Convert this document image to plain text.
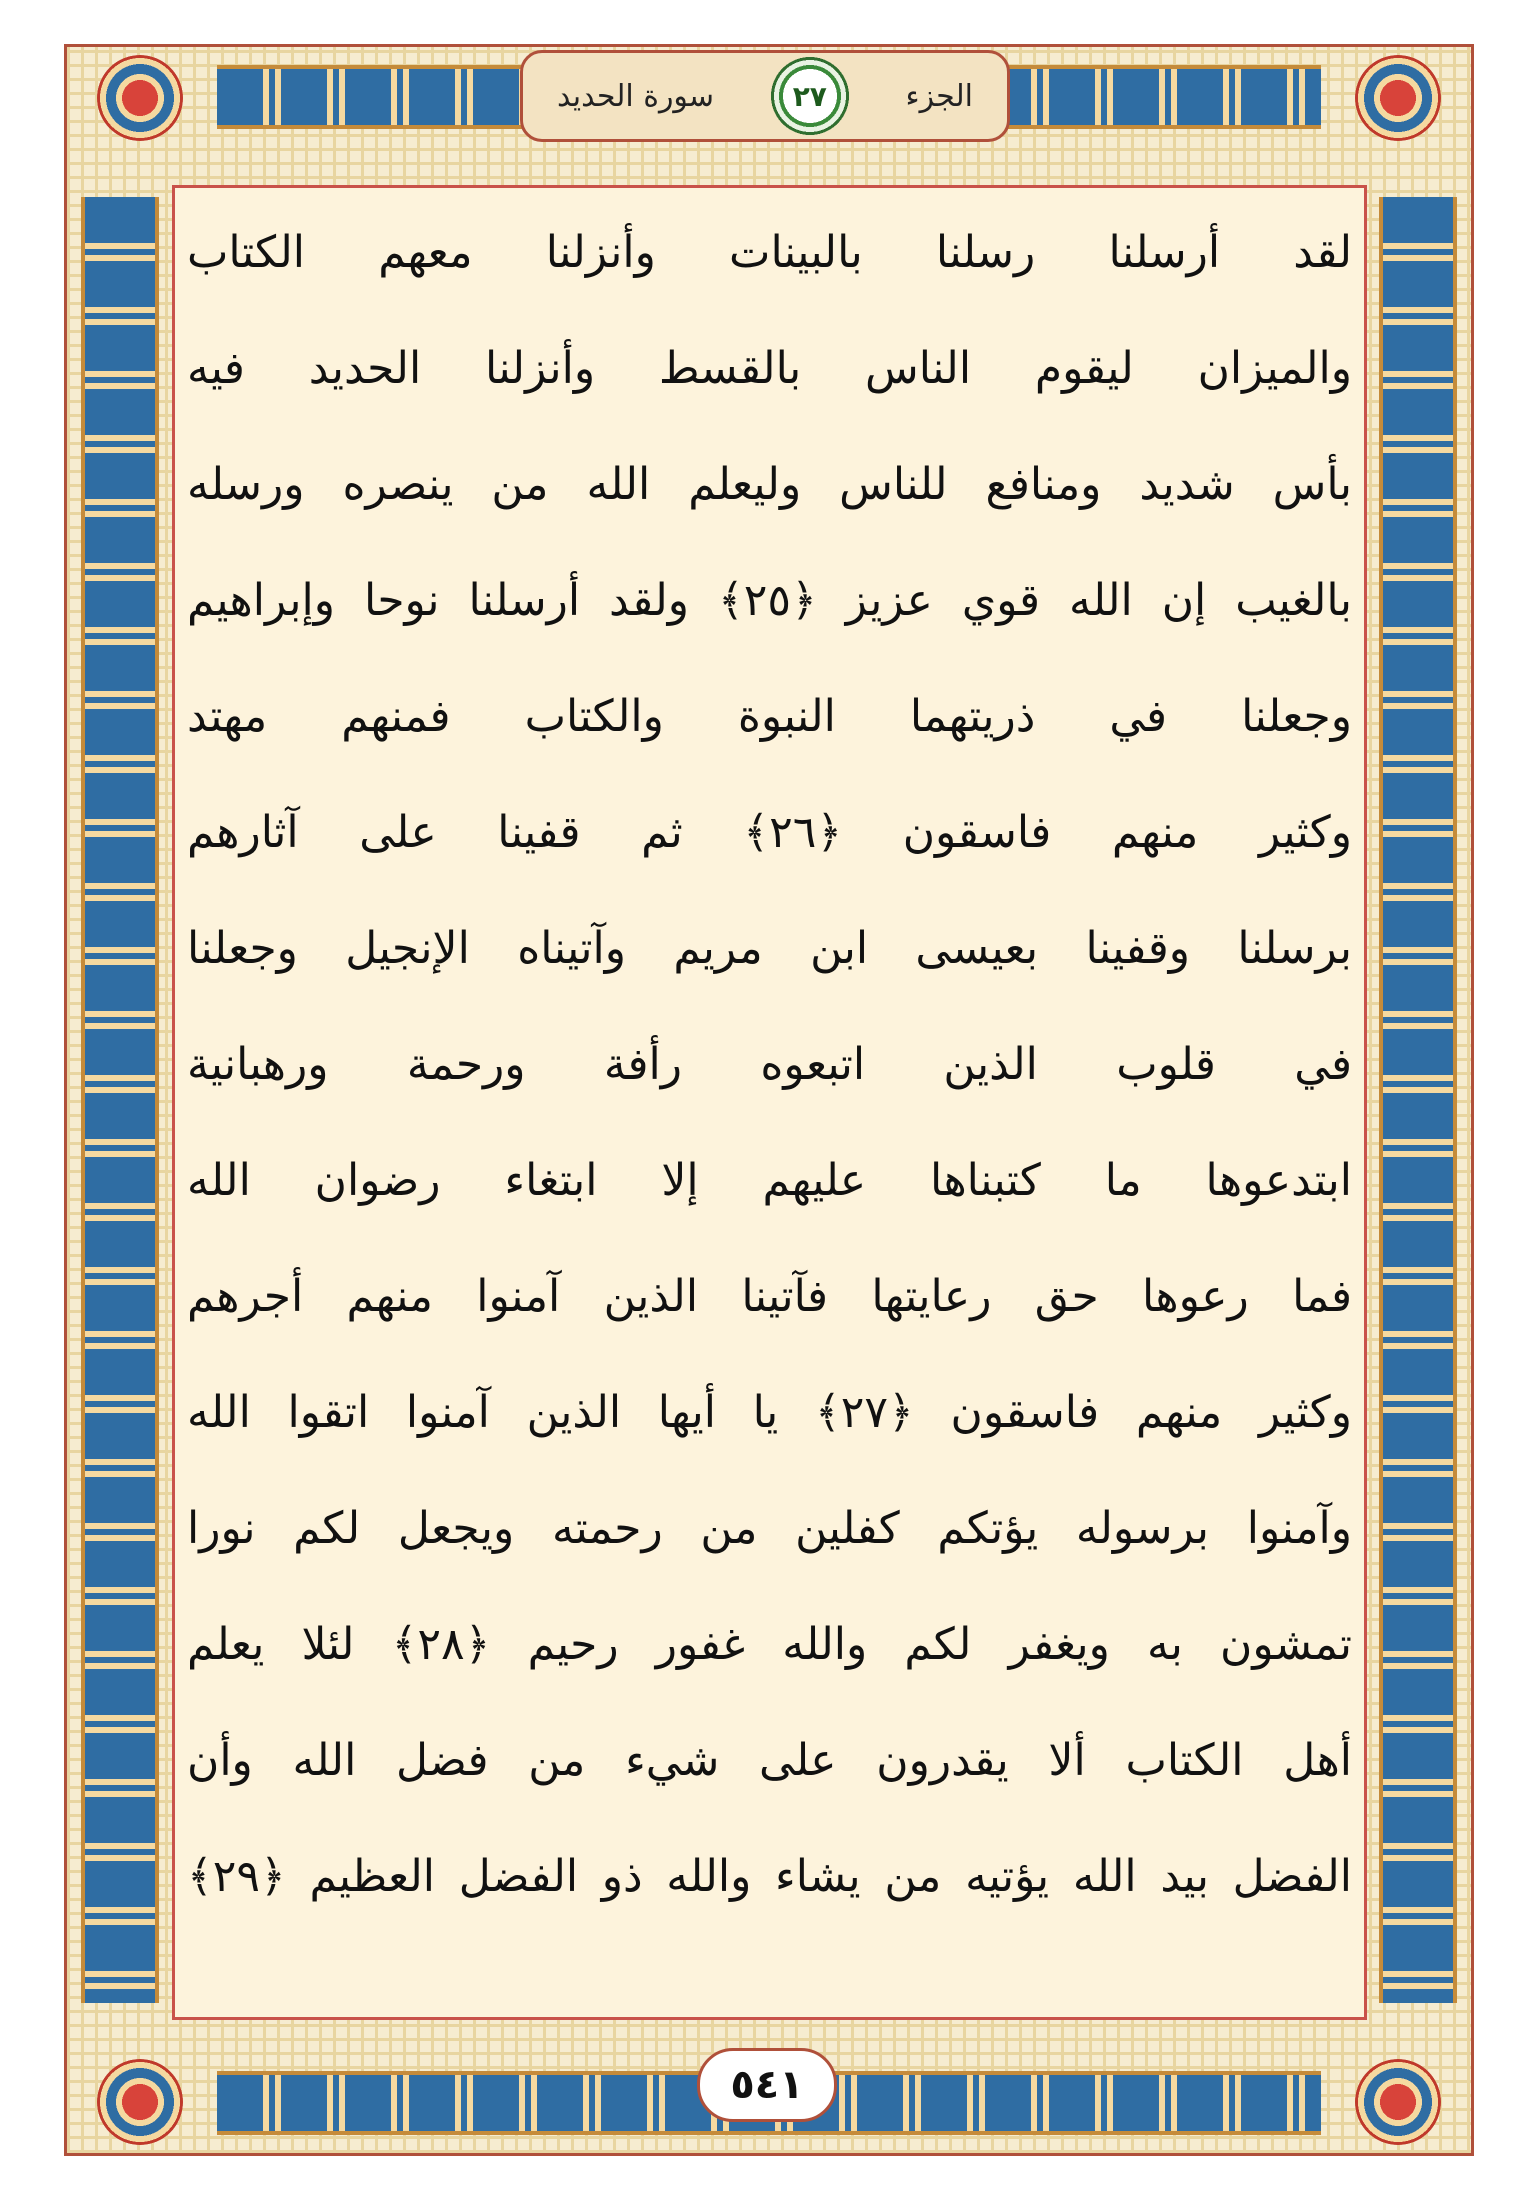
الجزء
٢٧
سورة الحديد
لقد أرسلنا رسلنا بالبينات وأنزلنا معهم الكتاب
والميزان ليقوم الناس بالقسط وأنزلنا الحديد فيه
بأس شديد ومنافع للناس وليعلم الله من ينصره ورسله
بالغيب إن الله قوي عزيز ﴿٢٥﴾ ولقد أرسلنا نوحا وإبراهيم
وجعلنا في ذريتهما النبوة والكتاب فمنهم مهتد
وكثير منهم فاسقون ﴿٢٦﴾ ثم قفينا على آثارهم
برسلنا وقفينا بعيسى ابن مريم وآتيناه الإنجيل وجعلنا
في قلوب الذين اتبعوه رأفة ورحمة ورهبانية
ابتدعوها ما كتبناها عليهم إلا ابتغاء رضوان الله
فما رعوها حق رعايتها فآتينا الذين آمنوا منهم أجرهم
وكثير منهم فاسقون ﴿٢٧﴾ يا أيها الذين آمنوا اتقوا الله
وآمنوا برسوله يؤتكم كفلين من رحمته ويجعل لكم نورا
تمشون به ويغفر لكم والله غفور رحيم ﴿٢٨﴾ لئلا يعلم
أهل الكتاب ألا يقدرون على شيء من فضل الله وأن
الفضل بيد الله يؤتيه من يشاء والله ذو الفضل العظيم ﴿٢٩﴾
٥٤١
